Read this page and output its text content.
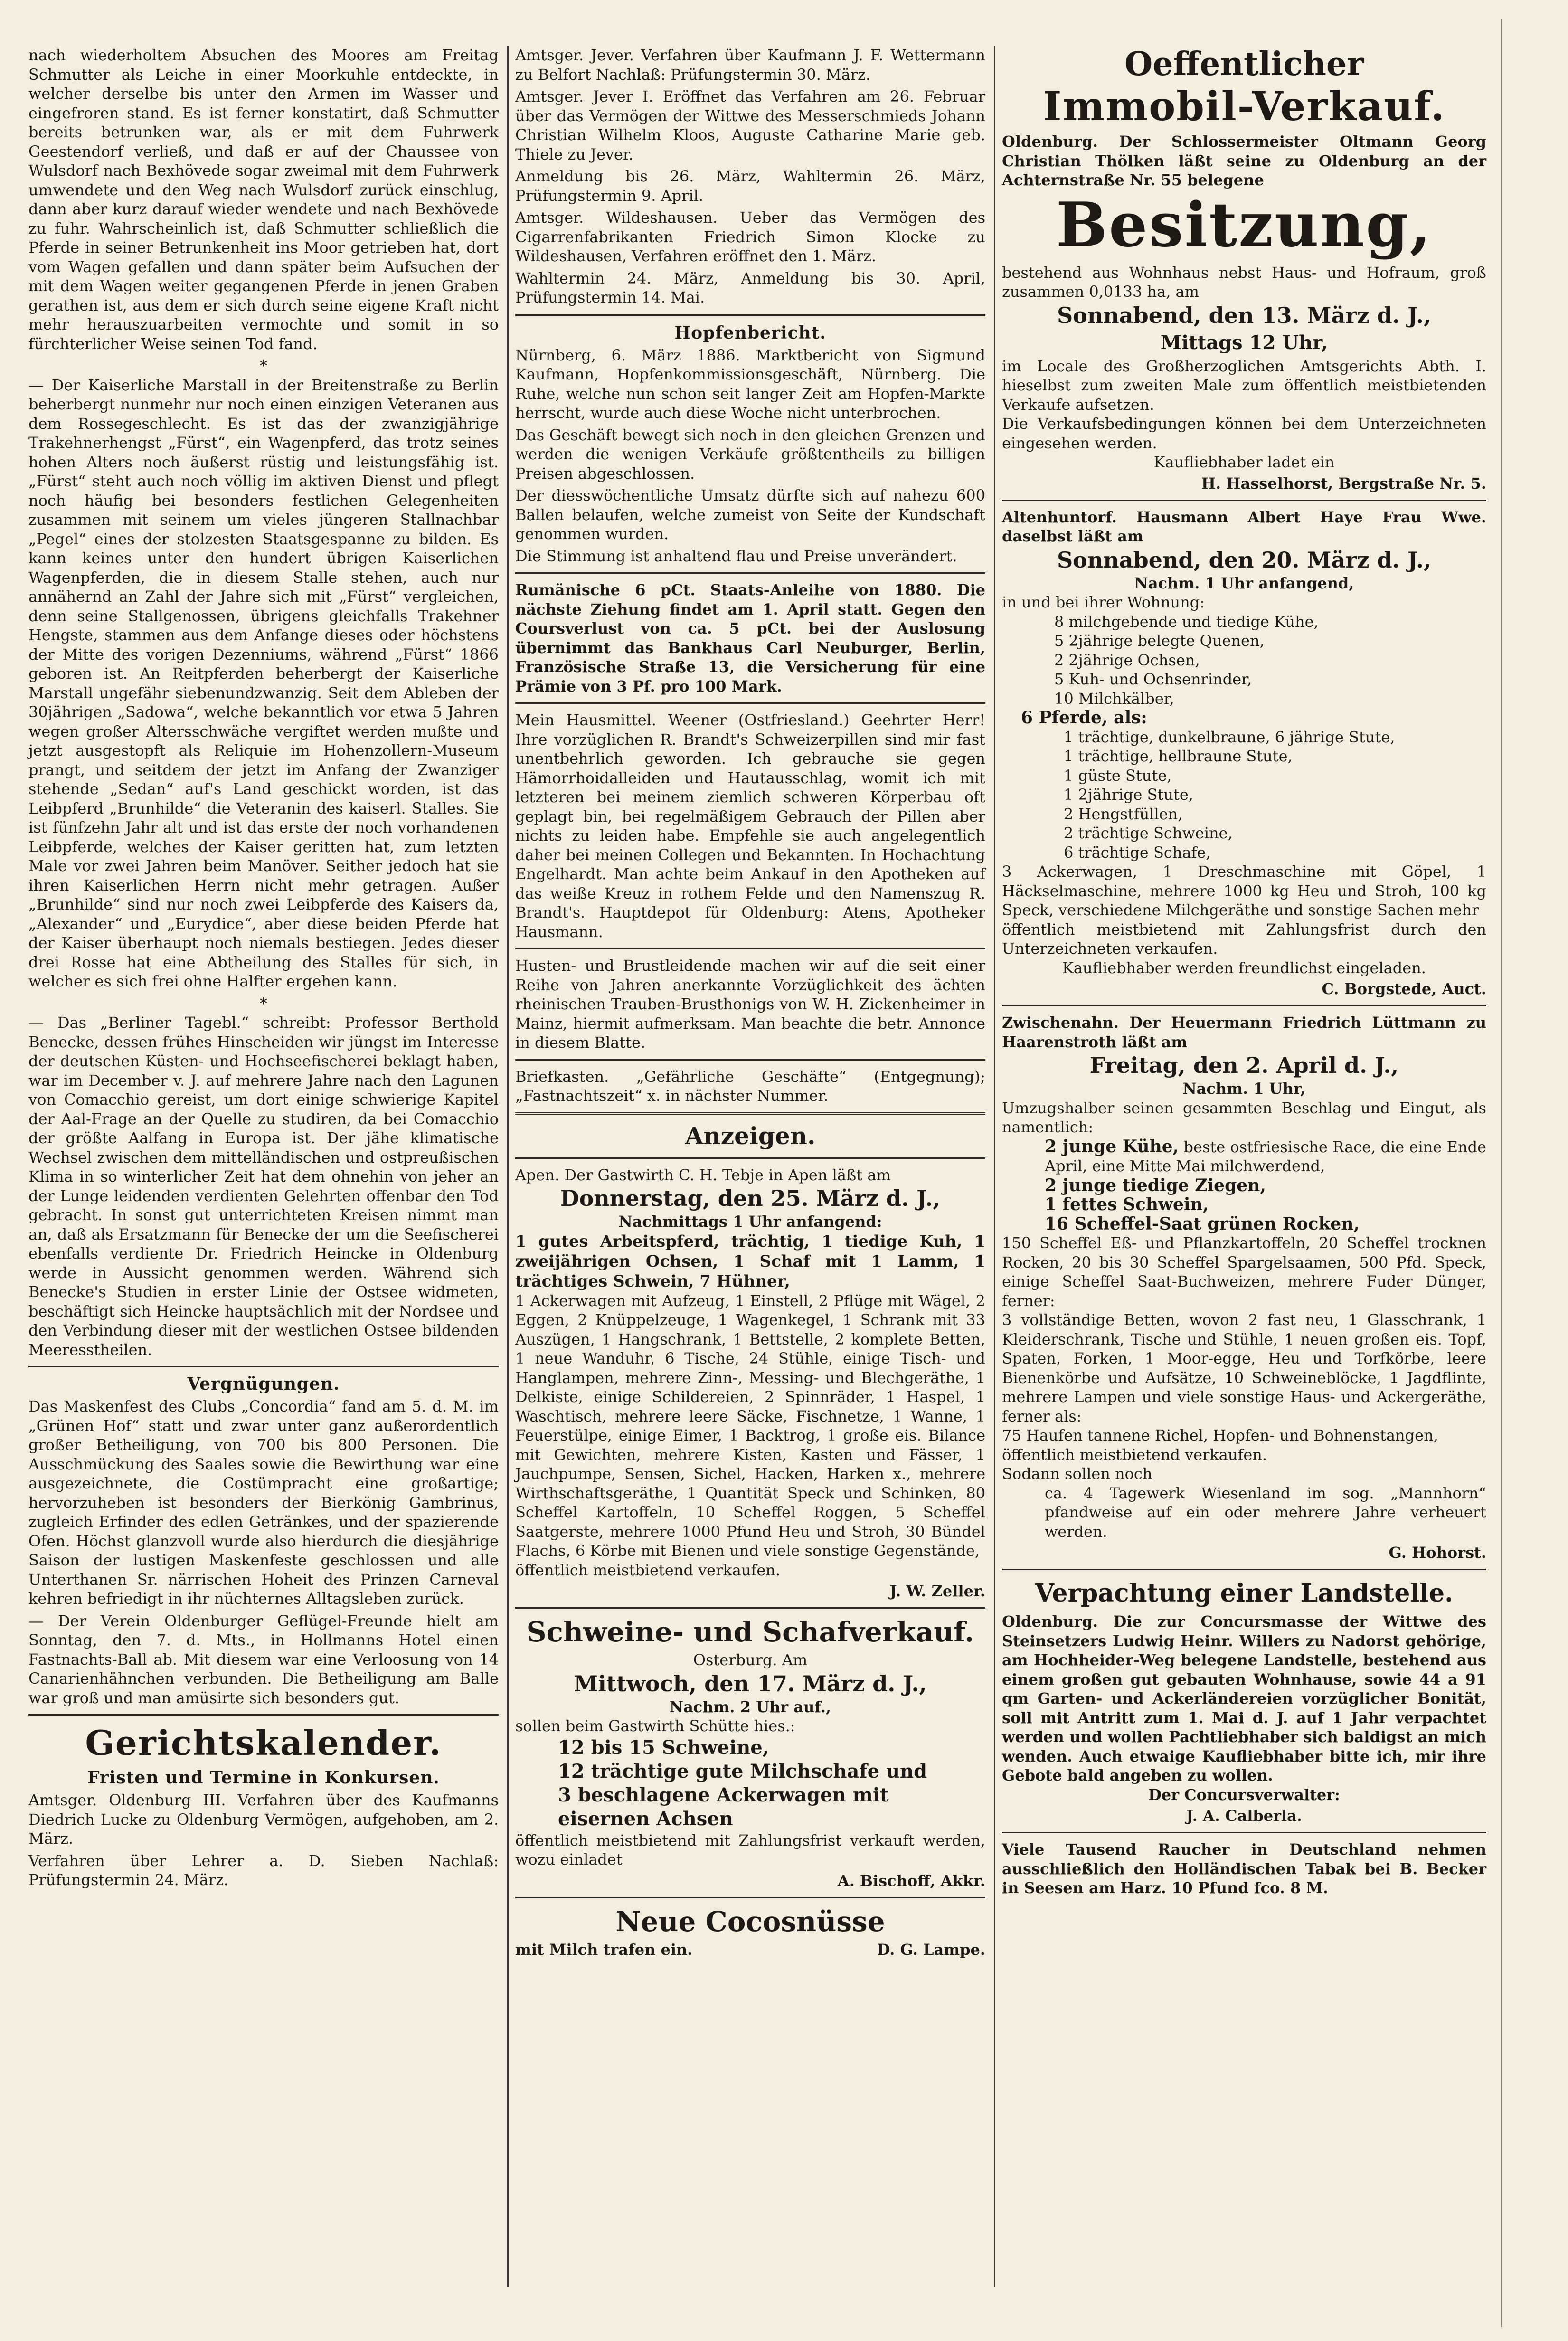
nach wiederholtem Absuchen des Moores am Freitag Schmutter als Leiche in einer Moorkuhle entdeckte, in welcher derselbe bis unter den Armen im Wasser und eingefroren stand. Es ist ferner konstatirt, daß Schmutter bereits betrunken war, als er mit dem Fuhrwerk Geestendorf verließ, und daß er auf der Chaussee von Wulsdorf nach Bexhövede sogar zweimal mit dem Fuhrwerk umwendete und den Weg nach Wulsdorf zurück einschlug, dann aber kurz darauf wieder wendete und nach Bexhövede zu fuhr. Wahrscheinlich ist, daß Schmutter schließlich die Pferde in seiner Betrunkenheit ins Moor getrieben hat, dort vom Wagen gefallen und dann später beim Aufsuchen der mit dem Wagen weiter gegangenen Pferde in jenen Graben gerathen ist, aus dem er sich durch seine eigene Kraft nicht mehr herauszuarbeiten vermochte und somit in so fürchterlicher Weise seinen Tod fand.

*

— Der Kaiserliche Marstall in der Breitenstraße zu Berlin beherbergt nunmehr nur noch einen einzigen Veteranen aus dem Rossegeschlecht. Es ist das der zwanzigjährige Trakehnerhengst „Fürst“, ein Wagenpferd, das trotz seines hohen Alters noch äußerst rüstig und leistungsfähig ist. „Fürst“ steht auch noch völlig im aktiven Dienst und pflegt noch häufig bei besonders festlichen Gelegenheiten zusammen mit seinem um vieles jüngeren Stallnachbar „Pegel“ eines der stolzesten Staatsgespanne zu bilden. Es kann keines unter den hundert übrigen Kaiserlichen Wagenpferden, die in diesem Stalle stehen, auch nur annähernd an Zahl der Jahre sich mit „Fürst“ vergleichen, denn seine Stallgenossen, übrigens gleichfalls Trakehner Hengste, stammen aus dem Anfange dieses oder höchstens der Mitte des vorigen Dezenniums, während „Fürst“ 1866 geboren ist. An Reitpferden beherbergt der Kaiserliche Marstall ungefähr siebenundzwanzig. Seit dem Ableben der 30jährigen „Sadowa“, welche bekanntlich vor etwa 5 Jahren wegen großer Altersschwäche vergiftet werden mußte und jetzt ausgestopft als Reliquie im Hohenzollern-Museum prangt, und seitdem der jetzt im Anfang der Zwanziger stehende „Sedan“ auf's Land geschickt worden, ist das Leibpferd „Brunhilde“ die Veteranin des kaiserl. Stalles. Sie ist fünfzehn Jahr alt und ist das erste der noch vorhandenen Leibpferde, welches der Kaiser geritten hat, zum letzten Male vor zwei Jahren beim Manöver. Seither jedoch hat sie ihren Kaiserlichen Herrn nicht mehr getragen. Außer „Brunhilde“ sind nur noch zwei Leibpferde des Kaisers da, „Alexander“ und „Eurydice“, aber diese beiden Pferde hat der Kaiser überhaupt noch niemals bestiegen. Jedes dieser drei Rosse hat eine Abtheilung des Stalles für sich, in welcher es sich frei ohne Halfter ergehen kann.

*

— Das „Berliner Tagebl.“ schreibt: Professor Berthold Benecke, dessen frühes Hinscheiden wir jüngst im Interesse der deutschen Küsten- und Hochseefischerei beklagt haben, war im December v. J. auf mehrere Jahre nach den Lagunen von Comacchio gereist, um dort einige schwierige Kapitel der Aal-Frage an der Quelle zu studiren, da bei Comacchio der größte Aalfang in Europa ist. Der jähe klimatische Wechsel zwischen dem mittelländischen und ostpreußischen Klima in so winterlicher Zeit hat dem ohnehin von jeher an der Lunge leidenden verdienten Gelehrten offenbar den Tod gebracht. In sonst gut unterrichteten Kreisen nimmt man an, daß als Ersatzmann für Benecke der um die Seefischerei ebenfalls verdiente Dr. Friedrich Heincke in Oldenburg werde in Aussicht genommen werden. Während sich Benecke's Studien in erster Linie der Ostsee widmeten, beschäftigt sich Heincke hauptsächlich mit der Nordsee und den Verbindung dieser mit der westlichen Ostsee bildenden Meeresstheilen.

Vergnügungen.

Das Maskenfest des Clubs „Concordia“ fand am 5. d. M. im „Grünen Hof“ statt und zwar unter ganz außerordentlich großer Betheiligung, von 700 bis 800 Personen. Die Ausschmückung des Saales sowie die Bewirthung war eine ausgezeichnete, die Costümpracht eine großartige; hervorzuheben ist besonders der Bierkönig Gambrinus, zugleich Erfinder des edlen Getränkes, und der spazierende Ofen. Höchst glanzvoll wurde also hierdurch die diesjährige Saison der lustigen Maskenfeste geschlossen und alle Unterthanen Sr. närrischen Hoheit des Prinzen Carneval kehren befriedigt in ihr nüchternes Alltagsleben zurück.

— Der Verein Oldenburger Geflügel-Freunde hielt am Sonntag, den 7. d. Mts., in Hollmanns Hotel einen Fastnachts-Ball ab. Mit diesem war eine Verloosung von 14 Canarienhähnchen verbunden. Die Betheiligung am Balle war groß und man amüsirte sich besonders gut.

Gerichtskalender.
Fristen und Termine in Konkursen.

Amtsger. Oldenburg III. Verfahren über des Kaufmanns Diedrich Lucke zu Oldenburg Vermögen, aufgehoben, am 2. März.

Verfahren über Lehrer a. D. Sieben Nachlaß: Prüfungstermin 24. März.

Amtsger. Jever. Verfahren über Kaufmann J. F. Wettermann zu Belfort Nachlaß: Prüfungstermin 30. März.

Amtsger. Jever I. Eröffnet das Verfahren am 26. Februar über das Vermögen der Wittwe des Messerschmieds Johann Christian Wilhelm Kloos, Auguste Catharine Marie geb. Thiele zu Jever.

Anmeldung bis 26. März, Wahltermin 26. März, Prüfungstermin 9. April.

Amtsger. Wildeshausen. Ueber das Vermögen des Cigarrenfabrikanten Friedrich Simon Klocke zu Wildeshausen, Verfahren eröffnet den 1. März.

Wahltermin 24. März, Anmeldung bis 30. April, Prüfungstermin 14. Mai.

Hopfenbericht.

Nürnberg, 6. März 1886. Marktbericht von Sigmund Kaufmann, Hopfenkommissionsgeschäft, Nürnberg. Die Ruhe, welche nun schon seit langer Zeit am Hopfen-Markte herrscht, wurde auch diese Woche nicht unterbrochen.

Das Geschäft bewegt sich noch in den gleichen Grenzen und werden die wenigen Verkäufe größtentheils zu billigen Preisen abgeschlossen.

Der diesswöchentliche Umsatz dürfte sich auf nahezu 600 Ballen belaufen, welche zumeist von Seite der Kundschaft genommen wurden.

Die Stimmung ist anhaltend flau und Preise unverändert.

Rumänische 6 pCt. Staats-Anleihe von 1880. Die nächste Ziehung findet am 1. April statt. Gegen den Coursverlust von ca. 5 pCt. bei der Auslosung übernimmt das Bankhaus Carl Neuburger, Berlin, Französische Straße 13, die Versicherung für eine Prämie von 3 Pf. pro 100 Mark.

Mein Hausmittel. Weener (Ostfriesland.) Geehrter Herr! Ihre vorzüglichen R. Brandt's Schweizerpillen sind mir fast unentbehrlich geworden. Ich gebrauche sie gegen Hämorrhoidalleiden und Hautausschlag, womit ich mit letzteren bei meinem ziemlich schweren Körperbau oft geplagt bin, bei regelmäßigem Gebrauch der Pillen aber nichts zu leiden habe. Empfehle sie auch angelegentlich daher bei meinen Collegen und Bekannten. In Hochachtung Engelhardt. Man achte beim Ankauf in den Apotheken auf das weiße Kreuz in rothem Felde und den Namenszug R. Brandt's. Hauptdepot für Oldenburg: Atens, Apotheker Hausmann.

Husten- und Brustleidende machen wir auf die seit einer Reihe von Jahren anerkannte Vorzüglichkeit des ächten rheinischen Trauben-Brusthonigs von W. H. Zickenheimer in Mainz, hiermit aufmerksam. Man beachte die betr. Annonce in diesem Blatte.

Briefkasten. „Gefährliche Geschäfte“ (Entgegnung); „Fastnachtszeit“ x. in nächster Nummer.

Anzeigen.

Apen. Der Gastwirth C. H. Tebje in Apen läßt am

Donnerstag, den 25. März d. J.,

Nachmittags 1 Uhr anfangend:

1 gutes Arbeitspferd, trächtig, 1 tiedige Kuh, 1 zweijährigen Ochsen, 1 Schaf mit 1 Lamm, 1 trächtiges Schwein, 7 Hühner,

1 Ackerwagen mit Aufzeug, 1 Einstell, 2 Pflüge mit Wägel, 2 Eggen, 2 Knüppelzeuge, 1 Wagenkegel, 1 Schrank mit 33 Auszügen, 1 Hangschrank, 1 Bettstelle, 2 komplete Betten, 1 neue Wanduhr, 6 Tische, 24 Stühle, einige Tisch- und Hanglampen, mehrere Zinn-, Messing- und Blechgeräthe, 1 Delkiste, einige Schildereien, 2 Spinnräder, 1 Haspel, 1 Waschtisch, mehrere leere Säcke, Fischnetze, 1 Wanne, 1 Feuerstülpe, einige Eimer, 1 Backtrog, 1 große eis. Bilance mit Gewichten, mehrere Kisten, Kasten und Fässer, 1 Jauchpumpe, Sensen, Sichel, Hacken, Harken x., mehrere Wirthschaftsgeräthe, 1 Quantität Speck und Schinken, 80 Scheffel Kartoffeln, 10 Scheffel Roggen, 5 Scheffel Saatgerste, mehrere 1000 Pfund Heu und Stroh, 30 Bündel Flachs, 6 Körbe mit Bienen und viele sonstige Gegenstände,

öffentlich meistbietend verkaufen.

J. W. Zeller.
Schweine- und Schafverkauf.

Osterburg. Am

Mittwoch, den 17. März d. J.,

Nachm. 2 Uhr auf.,

sollen beim Gastwirth Schütte hies.:

12 bis 15 Schweine,
12 trächtige gute Milchschafe und
3 beschlagene Ackerwagen mit eisernen Achsen

öffentlich meistbietend mit Zahlungsfrist verkauft werden, wozu einladet

A. Bischoff, Akkr.
Neue Cocosnüsse

mit Milch trafen ein.	D. G. Lampe.

Oeffentlicher
Immobil-Verkauf.

Oldenburg. Der Schlossermeister Oltmann Georg Christian Thölken läßt seine zu Oldenburg an der Achternstraße Nr. 55 belegene

Besitzung,

bestehend aus Wohnhaus nebst Haus- und Hofraum, groß zusammen 0,0133 ha, am

Sonnabend, den 13. März d. J.,
Mittags 12 Uhr,

im Locale des Großherzoglichen Amtsgerichts Abth. I. hieselbst zum zweiten Male zum öffentlich meistbietenden Verkaufe aufsetzen.

Die Verkaufsbedingungen können bei dem Unterzeichneten eingesehen werden.

Kaufliebhaber ladet ein

H. Hasselhorst, Bergstraße Nr. 5.

Altenhuntorf. Hausmann Albert Haye Frau Wwe. daselbst läßt am

Sonnabend, den 20. März d. J.,

Nachm. 1 Uhr anfangend,

in und bei ihrer Wohnung:

8 milchgebende und tiedige Kühe,

5 2jährige belegte Quenen,

2 2jährige Ochsen,

5 Kuh- und Ochsenrinder,

10 Milchkälber,

6 Pferde, als:

1 trächtige, dunkelbraune, 6 jährige Stute,

1 trächtige, hellbraune Stute,

1 güste Stute,

1 2jährige Stute,

2 Hengstfüllen,

2 trächtige Schweine,

6 trächtige Schafe,

3 Ackerwagen, 1 Dreschmaschine mit Göpel, 1 Häckselmaschine, mehrere 1000 kg Heu und Stroh, 100 kg Speck, verschiedene Milchgeräthe und sonstige Sachen mehr

öffentlich meistbietend mit Zahlungsfrist durch den Unterzeichneten verkaufen.

Kaufliebhaber werden freundlichst eingeladen.

C. Borgstede, Auct.

Zwischenahn. Der Heuermann Friedrich Lüttmann zu Haarenstroth läßt am

Freitag, den 2. April d. J.,

Nachm. 1 Uhr,

Umzugshalber seinen gesammten Beschlag und Eingut, als namentlich:

2 junge Kühe, beste ostfriesische Race, die eine Ende April, eine Mitte Mai milchwerdend,

2 junge tiedige Ziegen,

1 fettes Schwein,

16 Scheffel-Saat grünen Rocken,

150 Scheffel Eß- und Pflanzkartoffeln, 20 Scheffel trocknen Rocken, 20 bis 30 Scheffel Spargelsaamen, 500 Pfd. Speck, einige Scheffel Saat-Buchweizen, mehrere Fuder Dünger, ferner:

3 vollständige Betten, wovon 2 fast neu, 1 Glasschrank, 1 Kleiderschrank, Tische und Stühle, 1 neuen großen eis. Topf, Spaten, Forken, 1 Moor-egge, Heu und Torfkörbe, leere Bienenkörbe und Aufsätze, 10 Schweineblöcke, 1 Jagdflinte, mehrere Lampen und viele sonstige Haus- und Ackergeräthe, ferner als:

75 Haufen tannene Richel, Hopfen- und Bohnenstangen,

öffentlich meistbietend verkaufen.

Sodann sollen noch

ca. 4 Tagewerk Wiesenland im sog. „Mannhorn“ pfandweise auf ein oder mehrere Jahre verheuert werden.

G. Hohorst.
Verpachtung einer Landstelle.

Oldenburg. Die zur Concursmasse der Wittwe des Steinsetzers Ludwig Heinr. Willers zu Nadorst gehörige, am Hochheider-Weg belegene Landstelle, bestehend aus einem großen gut gebauten Wohnhause, sowie 44 a 91 qm Garten- und Ackerländereien vorzüglicher Bonität, soll mit Antritt zum 1. Mai d. J. auf 1 Jahr verpachtet werden und wollen Pachtliebhaber sich baldigst an mich wenden. Auch etwaige Kaufliebhaber bitte ich, mir ihre Gebote bald angeben zu wollen.

Der Concursverwalter:

J. A. Calberla.

Viele Tausend Raucher in Deutschland nehmen ausschließlich den Holländischen Tabak bei B. Becker in Seesen am Harz. 10 Pfund fco. 8 M.
